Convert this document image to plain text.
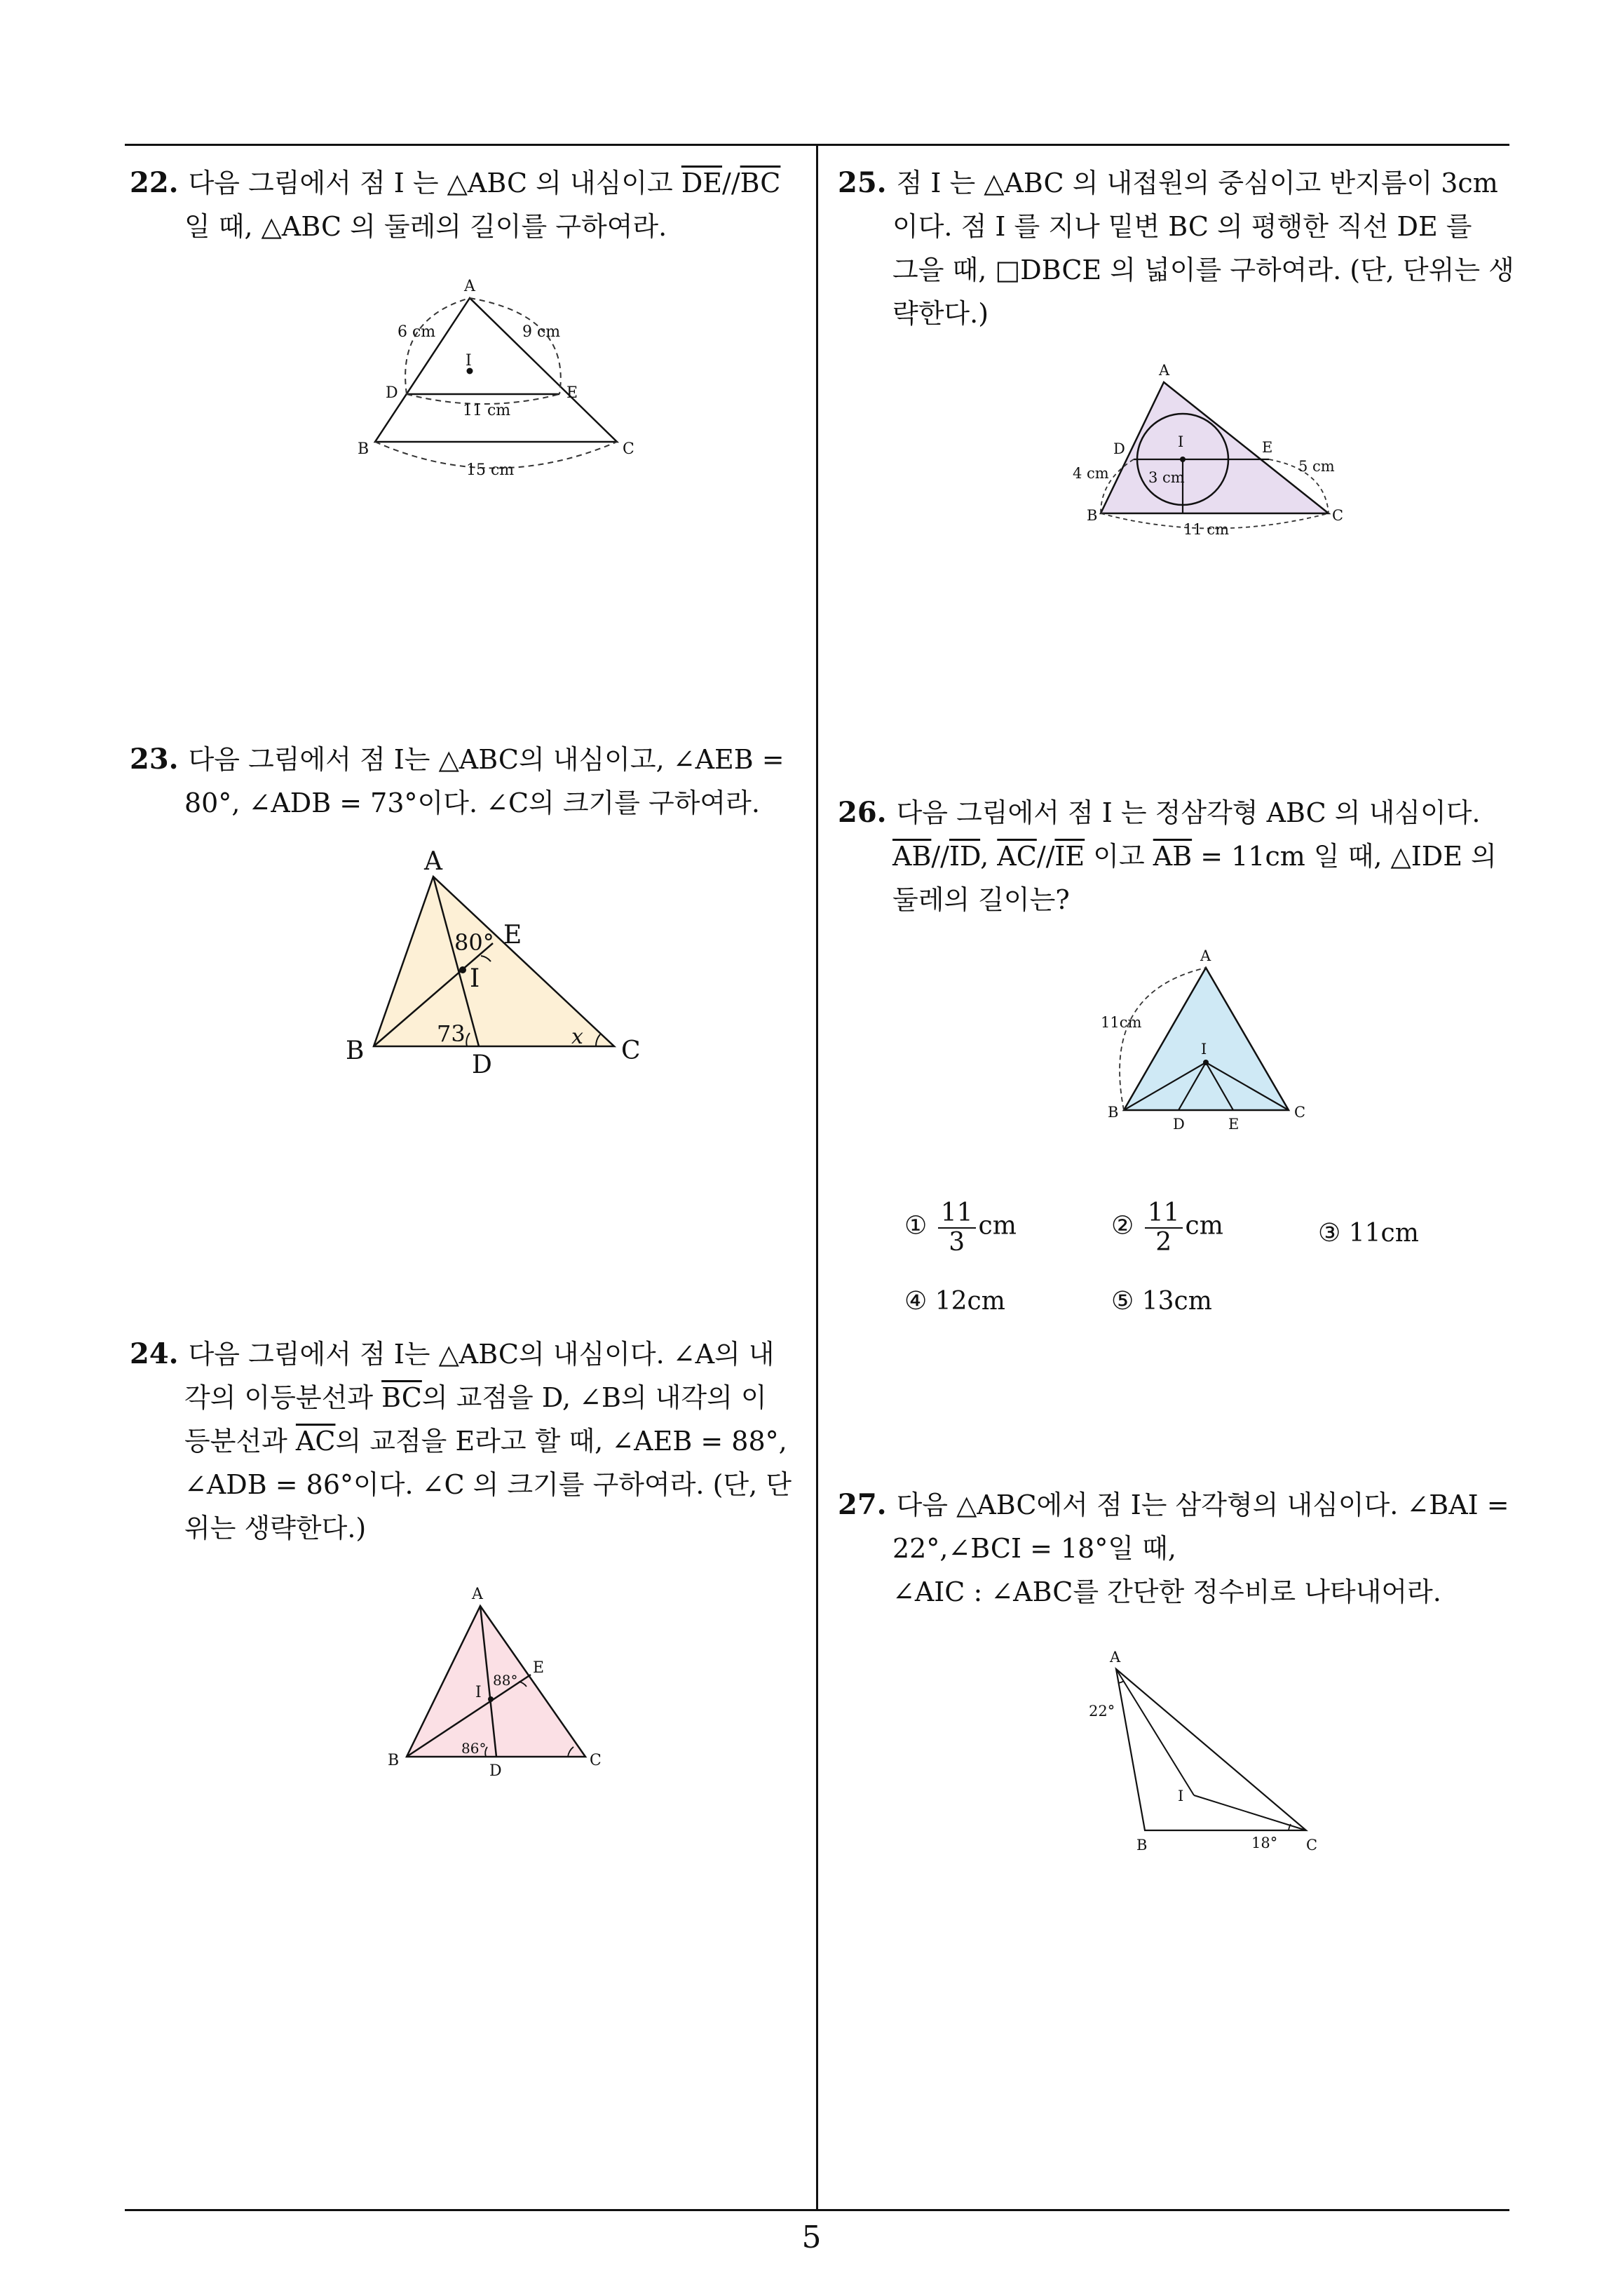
22. 다음 그림에서 점 I 는 △ABC 의 내심이고 $\overline{DE}//\overline{BC}$
일 때, △ABC 의 둘레의 길이를 구하여라.
A
B	C
D	E
I
6 cm	9 cm
11 cm
15 cm
23. 다음 그림에서 점 I는 △ABC의 내심이고, ∠AEB =
80°, ∠ADB = 73°이다. ∠C의 크기를 구하여라.
A
B	C
D
E
I
80°
73	x
24. 다음 그림에서 점 I는 △ABC의 내심이다. ∠A의 내
각의 이등분선과 $\overline{BC}$의 교점을 D, ∠B의 내각의 이
등분선과 $\overline{AC}$의 교점을 E라고 할 때, ∠AEB = 88°,
∠ADB = 86°이다. ∠C 의 크기를 구하여라. (단, 단
위는 생략한다.)
A
B	C
D
E
I
88°
86°
25. 점 I 는 △ABC 의 내접원의 중심이고 반지름이 3cm
이다. 점 I 를 지나 밑변 BC 의 평행한 직선 DE 를
그을 때, □DBCE 의 넓이를 구하여라. (단, 단위는 생
략한다.)
A
B	C
D	E
I
4 cm	5 cm
3 cm
11 cm
26. 다음 그림에서 점 I 는 정삼각형 ABC 의 내심이다.
$\overline{AB}//\overline{ID}$, $\overline{AC}//\overline{IE}$ 이고 $\overline{AB} = 11cm$ 일 때, △IDE 의
둘레의 길이는?
A
B	C
D	E
I
11cm
① $\frac{11}{3}$ cm	② $\frac{11}{2}$ cm	③ 11cm
④ 12cm	⑤ 13cm
27. 다음 △ABC에서 점 I는 삼각형의 내심이다. ∠BAI =
22°,∠BCI = 18°일 때,
∠AIC : ∠ABC를 간단한 정수비로 나타내어라.
A
B	C
I
22°
18°
5
